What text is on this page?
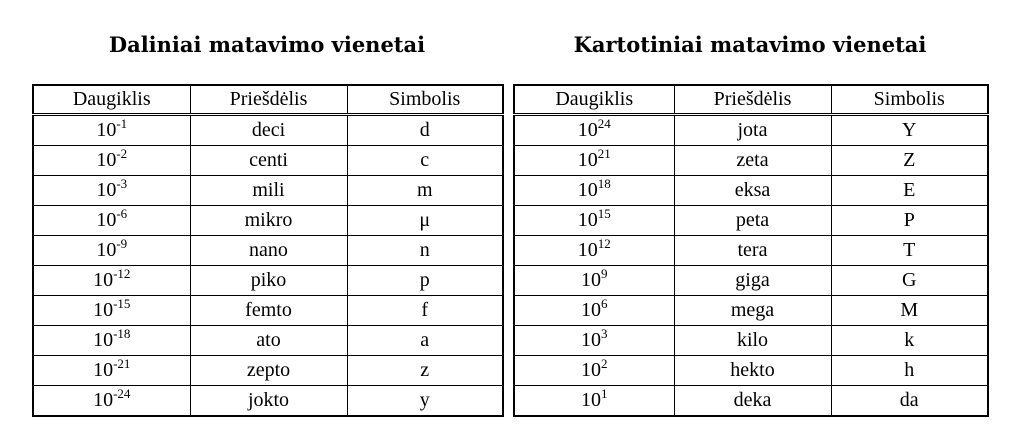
Daliniai matavimo vienetai
Daugiklis	Priešdėlis	Simbolis
$10^{-1}$	deci	d
$10^{-2}$	centi	c
$10^{-3}$	mili	m
$10^{-6}$	mikro	μ
$10^{-9}$	nano	n
$10^{-12}$	piko	p
$10^{-15}$	femto	f
$10^{-18}$	ato	a
$10^{-21}$	zepto	z
$10^{-24}$	jokto	y
Kartotiniai matavimo vienetai
Daugiklis	Priešdėlis	Simbolis
$10^{24}$	jota	Y
$10^{21}$	zeta	Z
$10^{18}$	eksa	E
$10^{15}$	peta	P
$10^{12}$	tera	T
$10^9$	giga	G
$10^6$	mega	M
$10^3$	kilo	k
$10^2$	hekto	h
$10^1$	deka	da
